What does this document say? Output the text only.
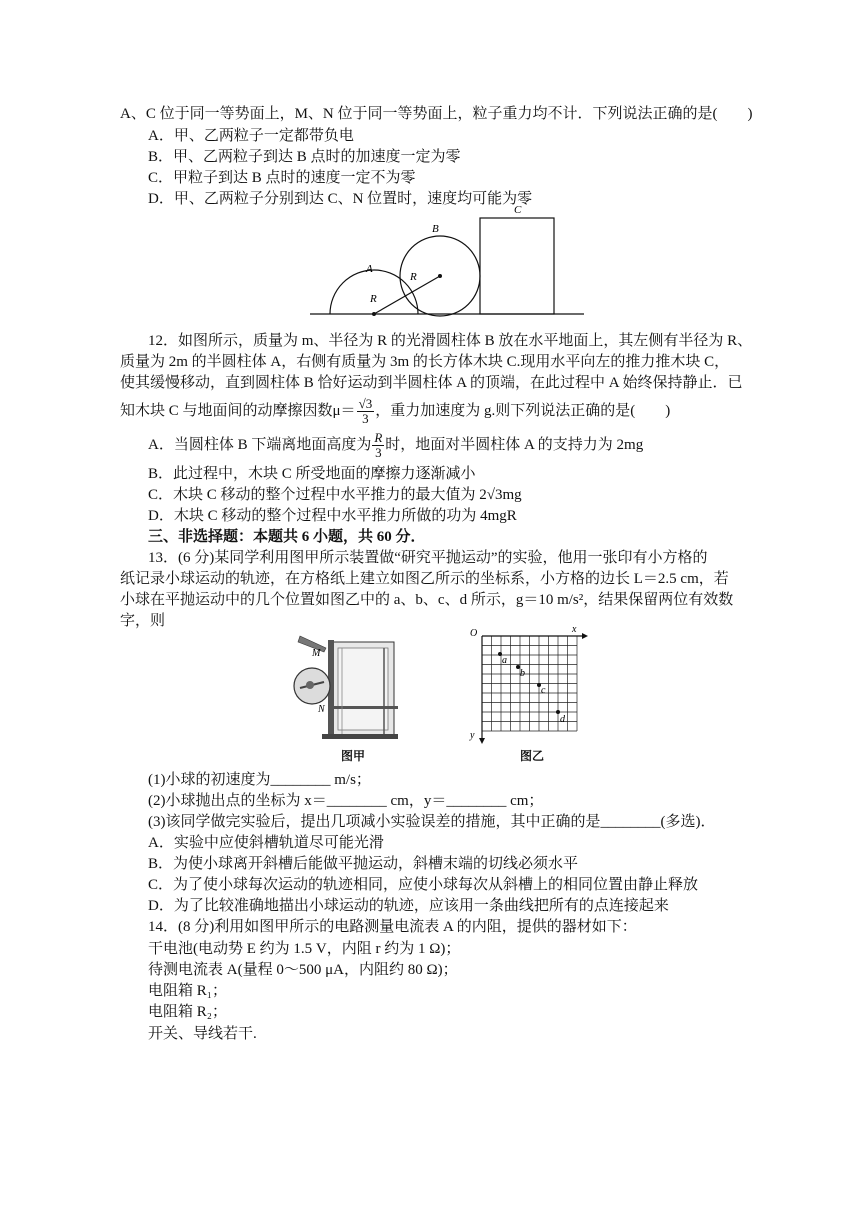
A、C 位于同一等势面上，M、N 位于同一等势面上，粒子重力均不计．下列说法正确的是(　　)
A．甲、乙两粒子一定都带负电
B．甲、乙两粒子到达 B 点时的加速度一定为零
C．甲粒子到达 B 点时的速度一定不为零
D．甲、乙两粒子分别到达 C、N 位置时，速度均可能为零
A
B
C
R
R
12．如图所示，质量为 m、半径为 R 的光滑圆柱体 B 放在水平地面上，其左侧有半径为 R、
质量为 2m 的半圆柱体 A，右侧有质量为 3m 的长方体木块 C.现用水平向左的推力推木块 C，
使其缓慢移动，直到圆柱体 B 恰好运动到半圆柱体 A 的顶端，在此过程中 A 始终保持静止．已
知木块 C 与地面间的动摩擦因数$\mu= \frac{√3}{3}$ ，重力加速度为 g.则下列说法正确的是(　　)
A．当圆柱体 B 下端离地面高度为 $\frac{R}{3}$ 时，地面对半圆柱体 A 的支持力为 2mg
B．此过程中，木块 C 所受地面的摩擦力逐渐减小
C．木块 C 移动的整个过程中水平推力的最大值为 2√3mg
D．木块 C 移动的整个过程中水平推力所做的功为 4mgR
三、非选择题：本题共 6 小题，共 60 分．
13．(6 分)某同学利用图甲所示装置做“研究平抛运动”的实验，他用一张印有小方格的
纸记录小球运动的轨迹，在方格纸上建立如图乙所示的坐标系，小方格的边长 L＝2.5 cm，若
小球在平抛运动中的几个位置如图乙中的 a、b、c、d 所示，g＝10 m/s²，结果保留两位有效数
字，则
M
N
图甲
O	x
y
a
b
c
d
图乙
(1)小球的初速度为________ m/s；
(2)小球抛出点的坐标为 x＝________ cm，y＝________ cm；
(3)该同学做完实验后，提出几项减小实验误差的措施，其中正确的是________(多选)．
A．实验中应使斜槽轨道尽可能光滑
B．为使小球离开斜槽后能做平抛运动，斜槽末端的切线必须水平
C．为了使小球每次运动的轨迹相同，应使小球每次从斜槽上的相同位置由静止释放
D．为了比较准确地描出小球运动的轨迹，应该用一条曲线把所有的点连接起来
14．(8 分)利用如图甲所示的电路测量电流表 A 的内阻，提供的器材如下：
干电池(电动势 E 约为 1.5 V，内阻 r 约为 1 Ω)；
待测电流表 A(量程 0～500 μA，内阻约 80 Ω)；
电阻箱 R₁；
电阻箱 R₂；
开关、导线若干.
